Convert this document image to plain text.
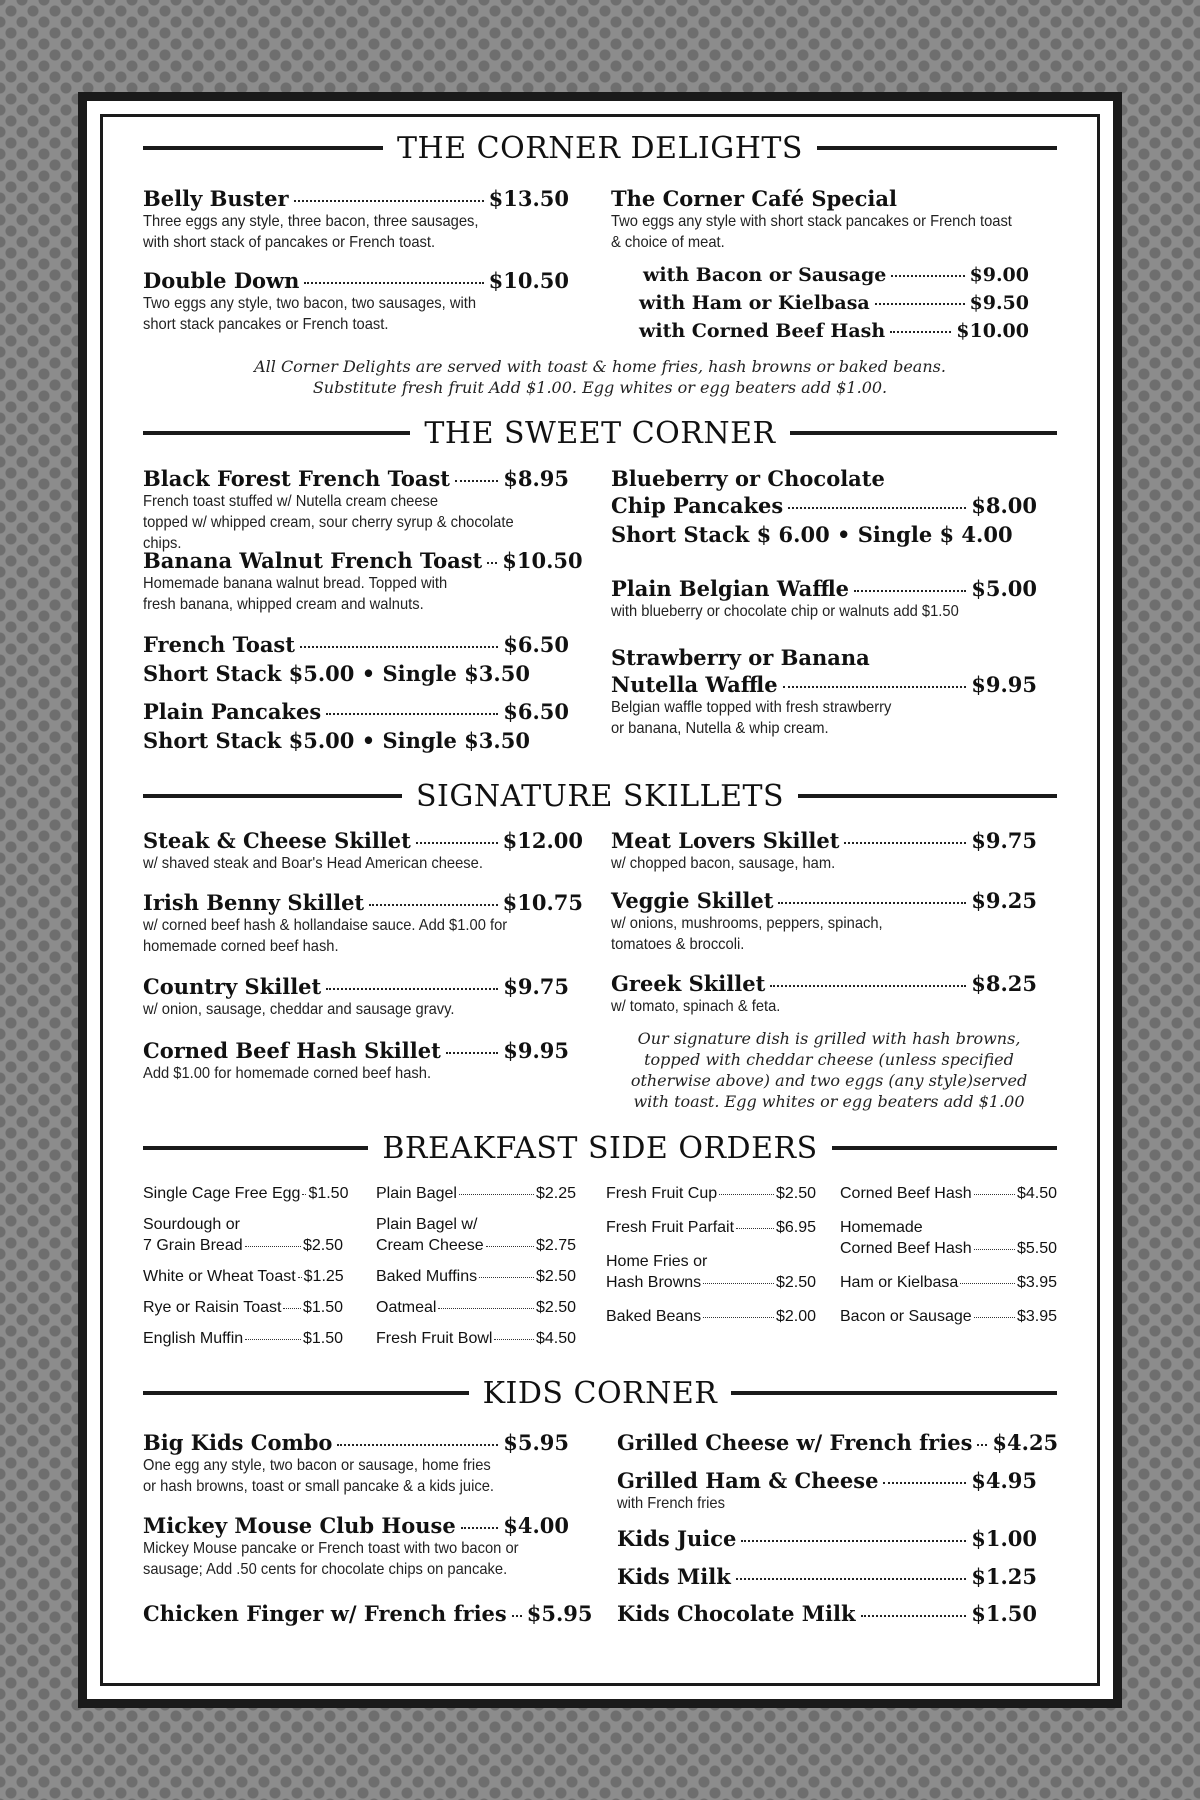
THE CORNER DELIGHTS
Belly Buster	$13.50
Three eggs any style, three bacon, three sausages,
with short stack of pancakes or French toast.
Double Down	$10.50
Two eggs any style, two bacon, two sausages, with
short stack pancakes or French toast.
The Corner Café Special
Two eggs any style with short stack pancakes or French toast
& choice of meat.
with Bacon or Sausage	$9.00
with Ham or Kielbasa	$9.50
with Corned Beef Hash	$10.00
All Corner Delights are served with toast & home fries, hash browns or baked beans.
Substitute fresh fruit Add $1.00. Egg whites or egg beaters add $1.00.
THE SWEET CORNER
Black Forest French Toast	$8.95
French toast stuffed w/ Nutella cream cheese
topped w/ whipped cream, sour cherry syrup & chocolate chips.
Banana Walnut French Toast $10.50
Homemade banana walnut bread. Topped with
fresh banana, whipped cream and walnuts.
French Toast	$6.50
Short Stack $5.00 • Single $3.50
Plain Pancakes	$6.50
Short Stack $5.00 • Single $3.50
Blueberry or Chocolate
Chip Pancakes	$8.00
Short Stack $ 6.00 • Single $ 4.00
Plain Belgian Waffle	$5.00
with blueberry or chocolate chip or walnuts add $1.50
Strawberry or Banana
Nutella Waffle	$9.95
Belgian waffle topped with fresh strawberry
or banana, Nutella & whip cream.
SIGNATURE SKILLETS
Steak & Cheese Skillet	$12.00
w/ shaved steak and Boar's Head American cheese.
Irish Benny Skillet	$10.75
w/ corned beef hash & hollandaise sauce. Add $1.00 for
homemade corned beef hash.
Country Skillet	$9.75
w/ onion, sausage, cheddar and sausage gravy.
Corned Beef Hash Skillet	$9.95
Add $1.00 for homemade corned beef hash.
Meat Lovers Skillet	$9.75
w/ chopped bacon, sausage, ham.
Veggie Skillet	$9.25
w/ onions, mushrooms, peppers, spinach,
tomatoes & broccoli.
Greek Skillet	$8.25
w/ tomato, spinach & feta.
Our signature dish is grilled with hash browns,
topped with cheddar cheese (unless specified
otherwise above) and two eggs (any style)served
with toast. Egg whites or egg beaters add $1.00
BREAKFAST SIDE ORDERS
Single Cage Free Egg $1.50
Sourdough or
7 Grain Bread	$2.50
White or Wheat Toast $1.25
Rye or Raisin Toast $1.50
English Muffin	$1.50
Plain Bagel	$2.25
Plain Bagel w/
Cream Cheese	$2.75
Baked Muffins	$2.50
Oatmeal	$2.50
Fresh Fruit Bowl	$4.50
Fresh Fruit Cup	$2.50
Fresh Fruit Parfait	$6.95
Home Fries or
Hash Browns	$2.50
Baked Beans	$2.00
Corned Beef Hash	$4.50
Homemade
Corned Beef Hash	$5.50
Ham or Kielbasa	$3.95
Bacon or Sausage	$3.95
KIDS CORNER
Big Kids Combo	$5.95
One egg any style, two bacon or sausage, home fries
or hash browns, toast or small pancake & a kids juice.
Mickey Mouse Club House $4.00
Mickey Mouse pancake or French toast with two bacon or
sausage; Add .50 cents for chocolate chips on pancake.
Chicken Finger w/ French fries $5.95
Grilled Cheese w/ French fries $4.25
Grilled Ham & Cheese	$4.95
with French fries
Kids Juice	$1.00
Kids Milk	$1.25
Kids Chocolate Milk	$1.50
